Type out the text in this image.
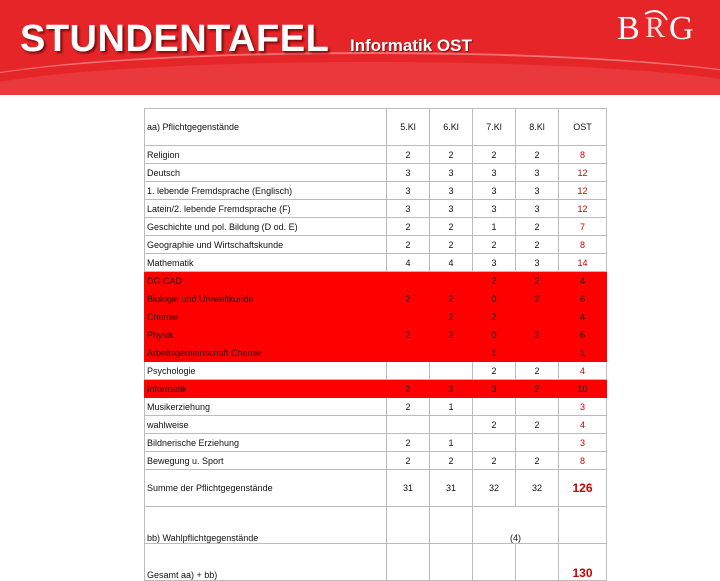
STUNDENTAFEL Informatik OST	B R G
aa) Pflichtgegenstände	5.Kl	6.Kl	7.Kl	8.Kl	OST
Religion	2	2	2	2	8
Deutsch	3	3	3	3	12
1. lebende Fremdsprache (Englisch)	3	3	3	3	12
Latein/2. lebende Fremdsprache (F)	3	3	3	3	12
Geschichte und pol. Bildung (D od. E)	2	2	1	2	7
Geographie und Wirtschaftskunde	2	2	2	2	8
Mathematik	4	4	3	3	14
DG CAD			2	2	4
Biologie und Umweltkunde	2	2	0	2	6
Chemie		2	2		4
Physik	2	2	0	2	6
Arbeitsgemeinschaft Chemie			1		1
Psychologie			2	2	4
Informatik	2	3	3	2	10
Musikerziehung	2	1			3
wahlweise			2	2	4
Bildnerische Erziehung	2	1			3
Bewegung u. Sport	2	2	2	2	8
Summe der Pflichtgegenstände	31	31	32	32	126
bb) Wahlpflichtgegenstände			(4)		
Gesamt aa) + bb)					130
